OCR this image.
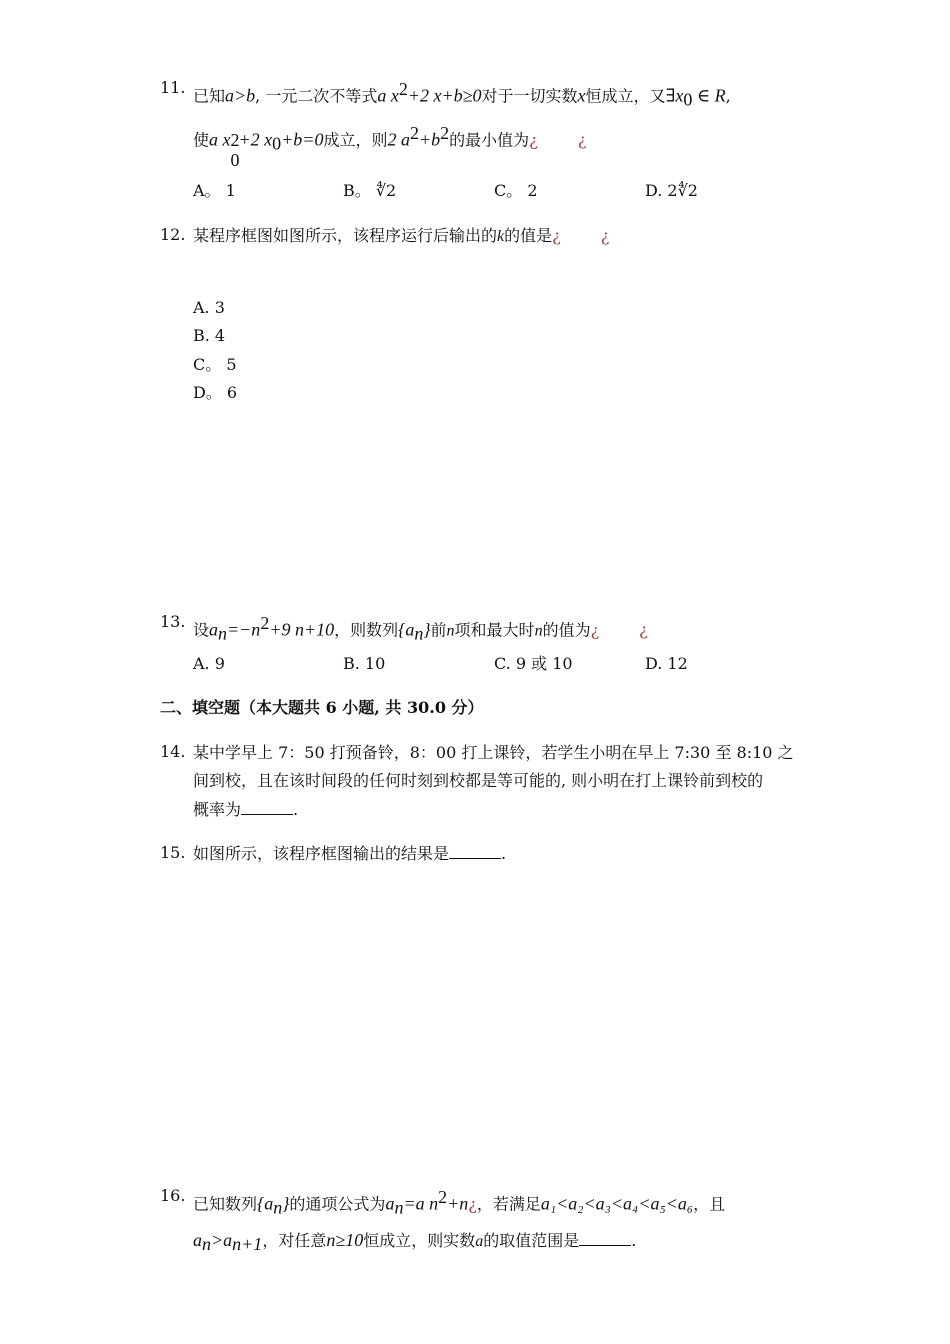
11. 已知a>b, 一元二次不等式a $x^2+2$ x+b≥0对于一切实数x恒成立，又$\exists x_0$ ∈ R,
使a x 2
0
+2 $x_0+b=0$成立，则2 $a^2+b^2$的最小值为¿	¿
A。 1	B。 ∜2	C。 2	D. 2∜2
12. 某程序框图如图所示，该程序运行后输出的k的值是¿	¿
A. 3
B. 4
C。 5
D。 6
13. 设$a_n=-n^2+9$ n+10，则数列$\{a_n\}$前n项和最大时n的值为¿	¿
A. 9	B. 10	C. 9 或 10	D. 12
二、填空题（本大题共 6 小题, 共 30.0 分）
14. 某中学早上 7：50 打预备铃，8：00 打上课铃，若学生小明在早上 7:30 至 8:10 之
间到校，且在该时间段的任何时刻到校都是等可能的, 则小明在打上课铃前到校的
概率为	.
15. 如图所示，该程序框图输出的结果是	.
16. 已知数列$\{a_n\}$的通项公式为$a_n=a$ $n^2+n¿$，若满足a₁<a₂<a₃<a₄<a₅<a₆，且
$a_n>a_{n+1}$，对任意n≥10恒成立，则实数a的取值范围是	.
